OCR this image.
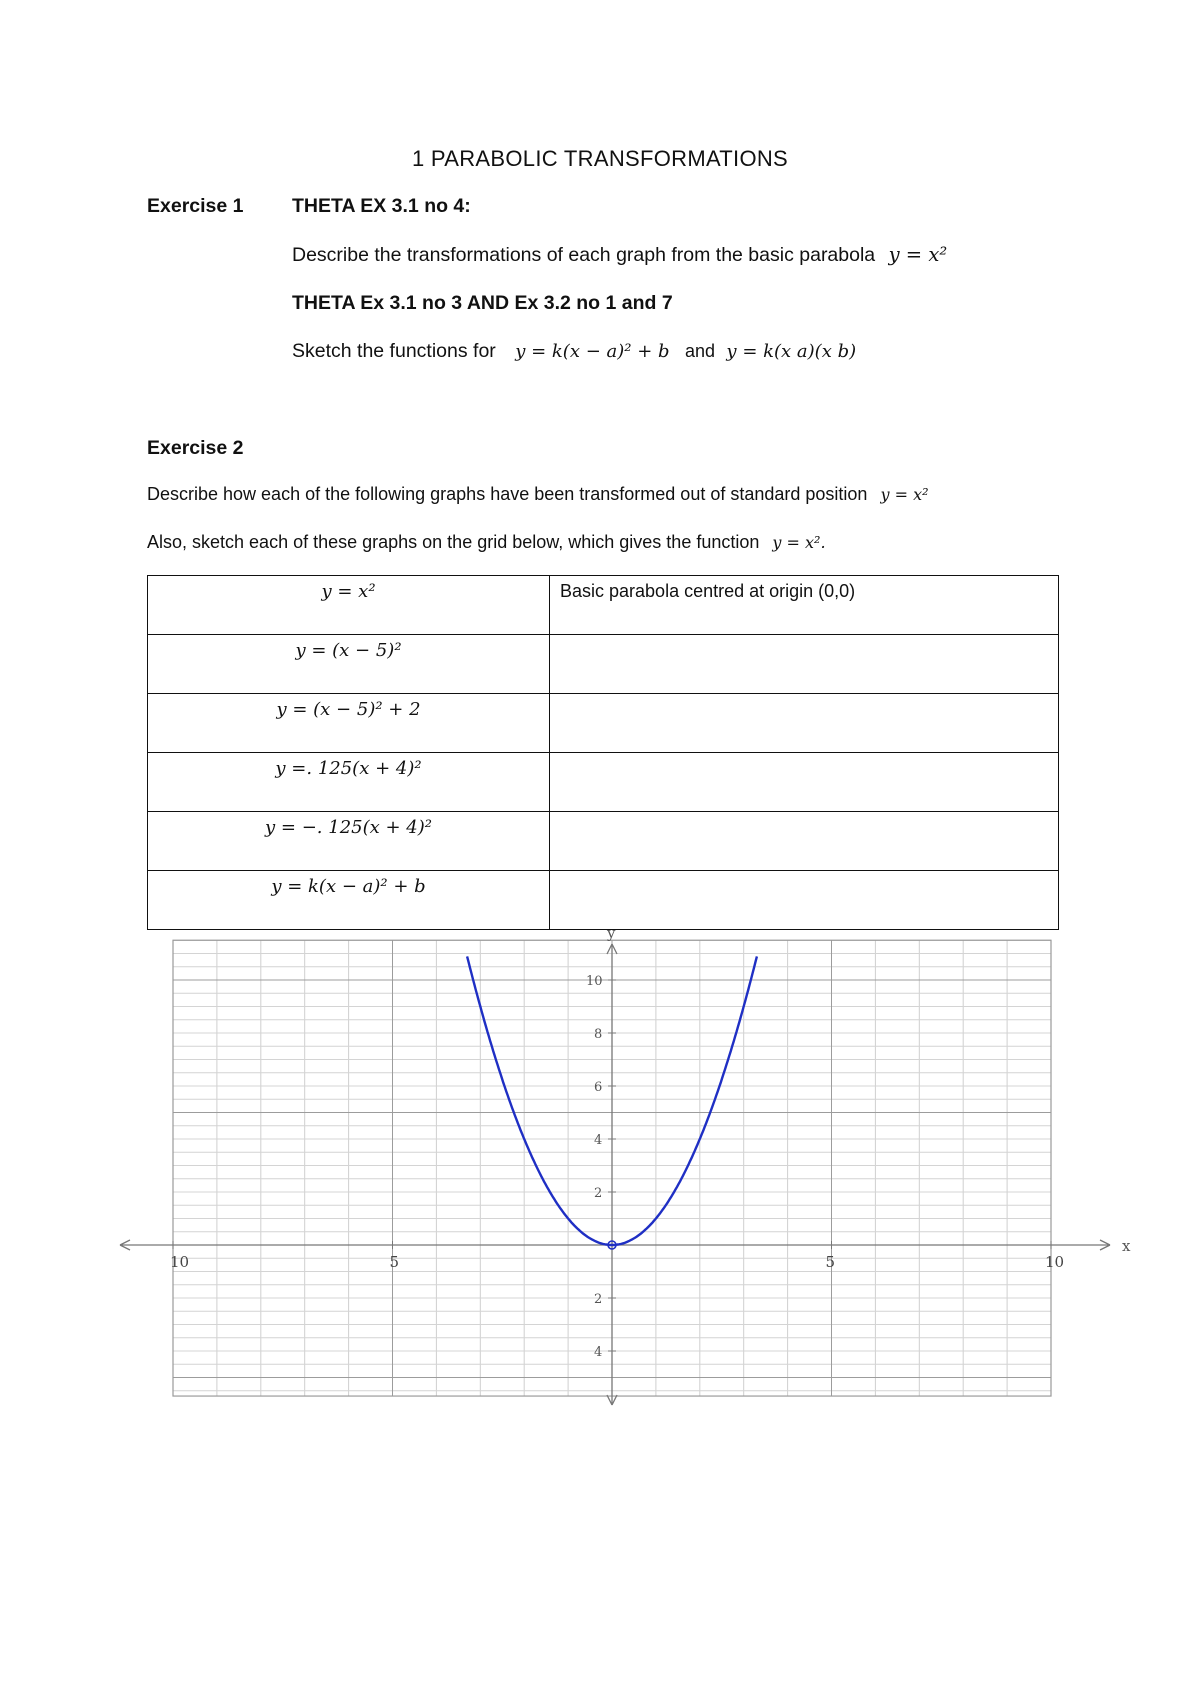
1 PARABOLIC TRANSFORMATIONS
Exercise 1 THETA EX 3.1 no 4:
Describe the transformations of each graph from the basic parabola y = x²
THETA Ex 3.1 no 3 AND Ex 3.2 no 1 and 7
Sketch the functions for y = k(x − a)² + b and y = k(x a)(x b)
Exercise 2
Describe how each of the following graphs have been transformed out of standard position y = x²
Also, sketch each of these graphs on the grid below, which gives the function y = x².
y = x²	Basic parabola centred at origin (0,0)
y = (x − 5)²	
y = (x − 5)² + 2	
y =. 125(x + 4)²	
y = −. 125(x + 4)²	
y = k(x − a)² + b	
x
y
10	5	5	10
10
8
6
4
2
2
4
